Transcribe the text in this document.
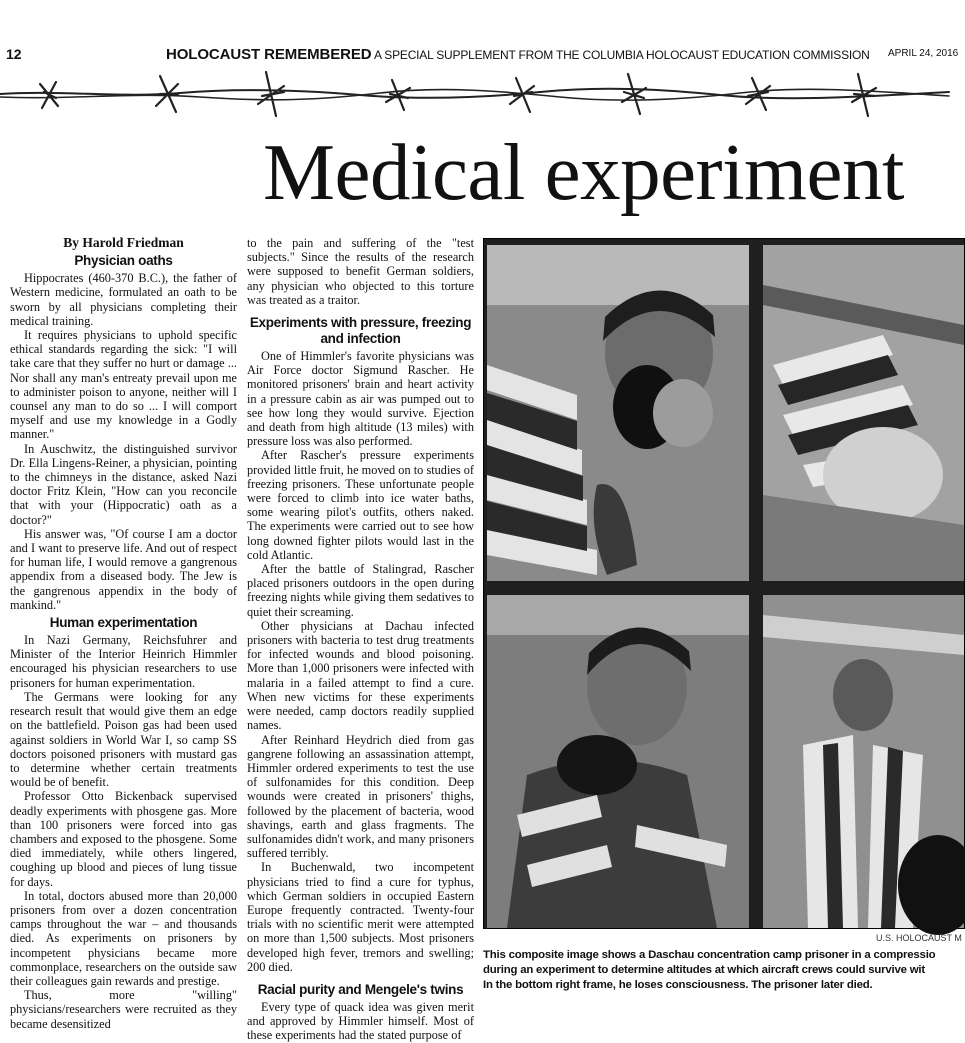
12	HOLOCAUST REMEMBERED A SPECIAL SUPPLEMENT FROM THE COLUMBIA HOLOCAUST EDUCATION COMMISSION APRIL 24, 2016
Medical experiment

By Harold Friedman

Physician oaths

Hippocrates (460-370 B.C.), the father of Western medicine, formulated an oath to be sworn by all physicians completing their medical training.

It requires physicians to uphold specific ethical standards regarding the sick: "I will take care that they suffer no hurt or damage ... Nor shall any man's entreaty prevail upon me to administer poison to anyone, neither will I counsel any man to do so ... I will comport myself and use my knowledge in a Godly manner."

In Auschwitz, the distinguished survivor Dr. Ella Lingens-Reiner, a physician, pointing to the chimneys in the distance, asked Nazi doctor Fritz Klein, "How can you reconcile that with your (Hippocratic) oath as a doctor?"

His answer was, "Of course I am a doctor and I want to preserve life. And out of respect for human life, I would remove a gangrenous appendix from a diseased body. The Jew is the gangrenous appendix in the body of mankind."

Human experimentation

In Nazi Germany, Reichsfuhrer and Minister of the Interior Heinrich Himmler encouraged his physician researchers to use prisoners for human experimentation.

The Germans were looking for any research result that would give them an edge on the battlefield. Poison gas had been used against soldiers in World War I, so camp SS doctors poisoned prisoners with mustard gas to determine whether certain treatments would be of benefit.

Professor Otto Bickenback supervised deadly experiments with phosgene gas. More than 100 prisoners were forced into gas chambers and exposed to the phosgene. Some died immediately, while others lingered, coughing up blood and pieces of lung tissue for days.

In total, doctors abused more than 20,000 prisoners from over a dozen concentration camps throughout the war – and thousands died. As experiments on prisoners by incompetent physicians became more commonplace, researchers on the outside saw their colleagues gain rewards and prestige.

Thus, more "willing" physicians/researchers were recruited as they became desensitized

to the pain and suffering of the "test subjects." Since the results of the research were supposed to benefit German soldiers, any physician who objected to this torture was treated as a traitor.

Experiments with pressure, freezing and infection

One of Himmler's favorite physicians was Air Force doctor Sigmund Rascher. He monitored prisoners' brain and heart activity in a pressure cabin as air was pumped out to see how long they would survive. Ejection and death from high altitude (13 miles) with pressure loss was also performed.

After Rascher's pressure experiments provided little fruit, he moved on to studies of freezing prisoners. These unfortunate people were forced to climb into ice water baths, some wearing pilot's outfits, others naked. The experiments were carried out to see how long downed fighter pilots would last in the cold Atlantic.

After the battle of Stalingrad, Rascher placed prisoners outdoors in the open during freezing nights while giving them sedatives to quiet their screaming.

Other physicians at Dachau infected prisoners with bacteria to test drug treatments for infected wounds and blood poisoning. More than 1,000 prisoners were infected with malaria in a failed attempt to find a cure. When new victims for these experiments were needed, camp doctors readily supplied names.

After Reinhard Heydrich died from gas gangrene following an assassination attempt, Himmler ordered experiments to test the use of sulfonamides for this condition. Deep wounds were created in prisoners' thighs, followed by the placement of bacteria, wood shavings, earth and glass fragments. The sulfonamides didn't work, and many prisoners suffered terribly.

In Buchenwald, two incompetent physicians tried to find a cure for typhus, which German soldiers in occupied Eastern Europe frequently contracted. Twenty-four trials with no scientific merit were attempted on more than 1,500 subjects. Most prisoners developed high fever, tremors and swelling; 200 died.

Racial purity and Mengele's twins

Every type of quack idea was given merit and approved by Himmler himself. Most of these experiments had the stated purpose of

U.S. HOLOCAUST M
This composite image shows a Daschau concentration camp prisoner in a compressio
during an experiment to determine altitudes at which aircraft crews could survive wit
In the bottom right frame, he loses consciousness. The prisoner later died.
